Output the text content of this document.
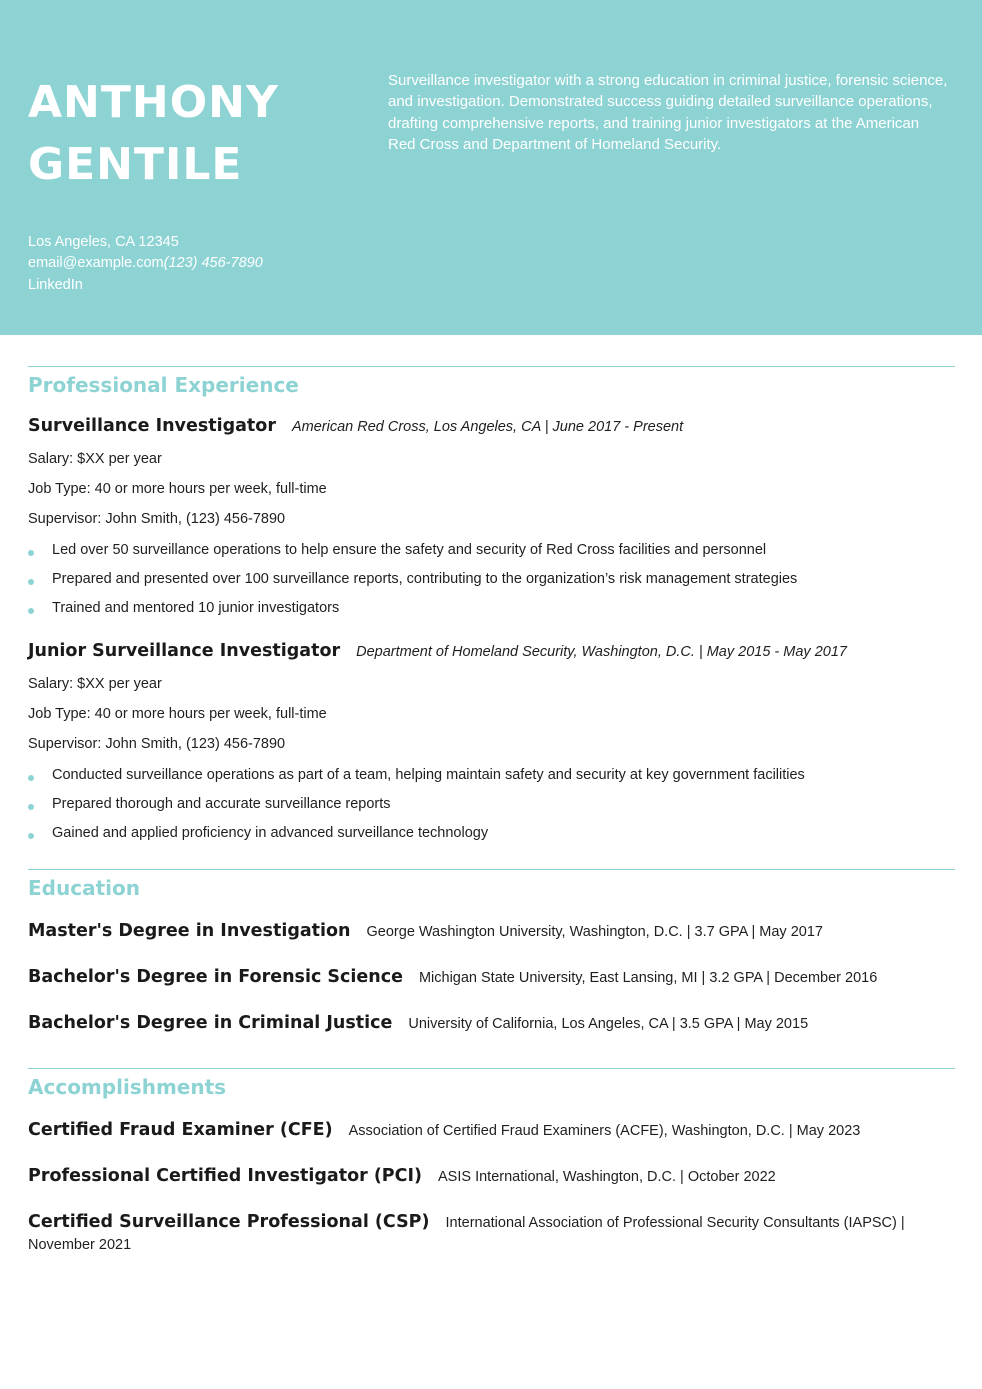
ANTHONY
GENTILE

Surveillance investigator with a strong education in criminal justice, forensic science, and investigation. Demonstrated success guiding detailed surveillance operations, drafting comprehensive reports, and training junior investigators at the American Red Cross and Department of Homeland Security.

Los Angeles, CA 12345
email@example.com(123) 456-7890
LinkedIn
Professional Experience
Surveillance Investigator American Red Cross, Los Angeles, CA | June 2017 - Present
Salary: $XX per year
Job Type: 40 or more hours per week, full-time
Supervisor: John Smith, (123) 456-7890
Led over 50 surveillance operations to help ensure the safety and security of Red Cross facilities and personnel
Prepared and presented over 100 surveillance reports, contributing to the organization’s risk management strategies
Trained and mentored 10 junior investigators
Junior Surveillance Investigator Department of Homeland Security, Washington, D.C. | May 2015 - May 2017
Salary: $XX per year
Job Type: 40 or more hours per week, full-time
Supervisor: John Smith, (123) 456-7890
Conducted surveillance operations as part of a team, helping maintain safety and security at key government facilities
Prepared thorough and accurate surveillance reports
Gained and applied proficiency in advanced surveillance technology
Education
Master's Degree in Investigation George Washington University, Washington, D.C. | 3.7 GPA | May 2017
Bachelor's Degree in Forensic Science Michigan State University, East Lansing, MI | 3.2 GPA | December 2016
Bachelor's Degree in Criminal Justice University of California, Los Angeles, CA | 3.5 GPA | May 2015
Accomplishments
Certified Fraud Examiner (CFE) Association of Certified Fraud Examiners (ACFE), Washington, D.C. | May 2023
Professional Certified Investigator (PCI) ASIS International, Washington, D.C. | October 2022
Certified Surveillance Professional (CSP) International Association of Professional Security Consultants (IAPSC) | November 2021
